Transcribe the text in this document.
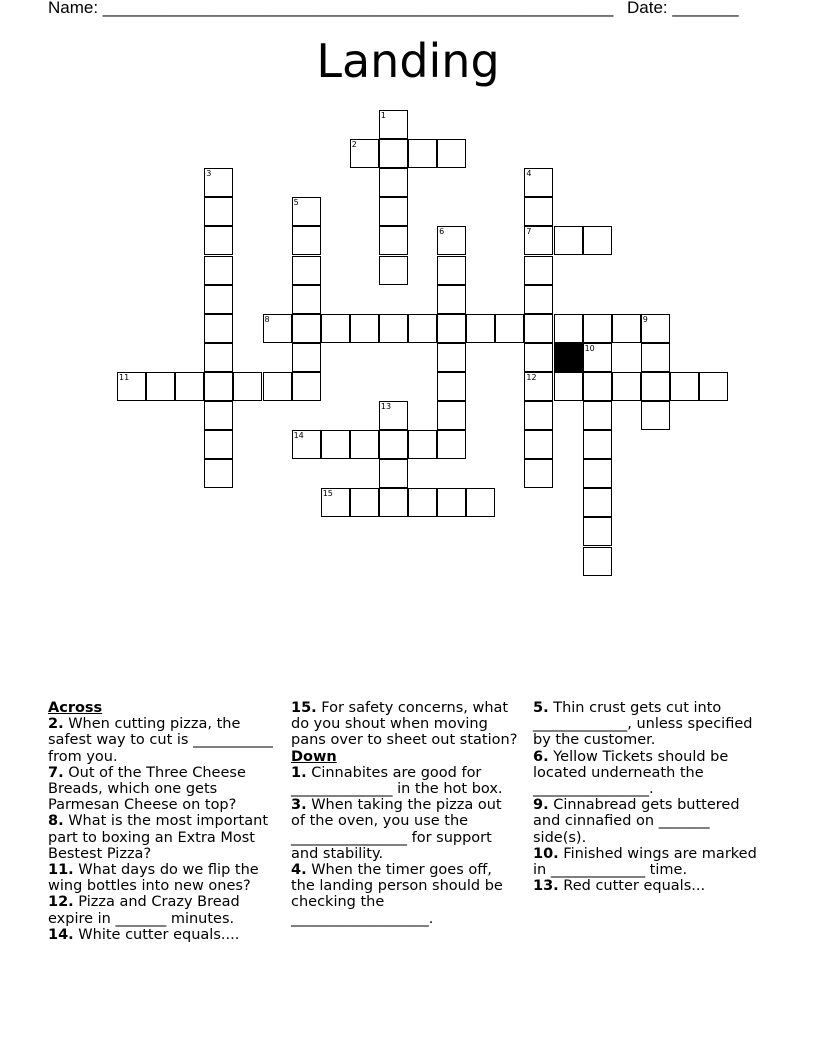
Name: ______________________________________________________ Date: _______
Landing
2
7
8
11	12
14
15
1
3	4
5
6
9
10
13

Across

2. When cutting pizza, the safest way to cut is ___________ from you.

7. Out of the Three Cheese Breads, which one gets Parmesan Cheese on top?

8. What is the most important part to boxing an Extra Most Bestest Pizza?

11. What days do we flip the wing bottles into new ones?

12. Pizza and Crazy Bread expire in _______ minutes.

14. White cutter equals....

15. For safety concerns, what do you shout when moving pans over to sheet out station?

Down

1. Cinnabites are good for ______________ in the hot box.

3. When taking the pizza out of the oven, you use the ________________ for support and stability.

4. When the timer goes off, the landing person should be checking the ___________________.

5. Thin crust gets cut into _____________, unless specified by the customer.

6. Yellow Tickets should be located underneath the ________________.

9. Cinnabread gets buttered and cinnafied on _______ side(s).

10. Finished wings are marked in _____________ time.

13. Red cutter equals...
